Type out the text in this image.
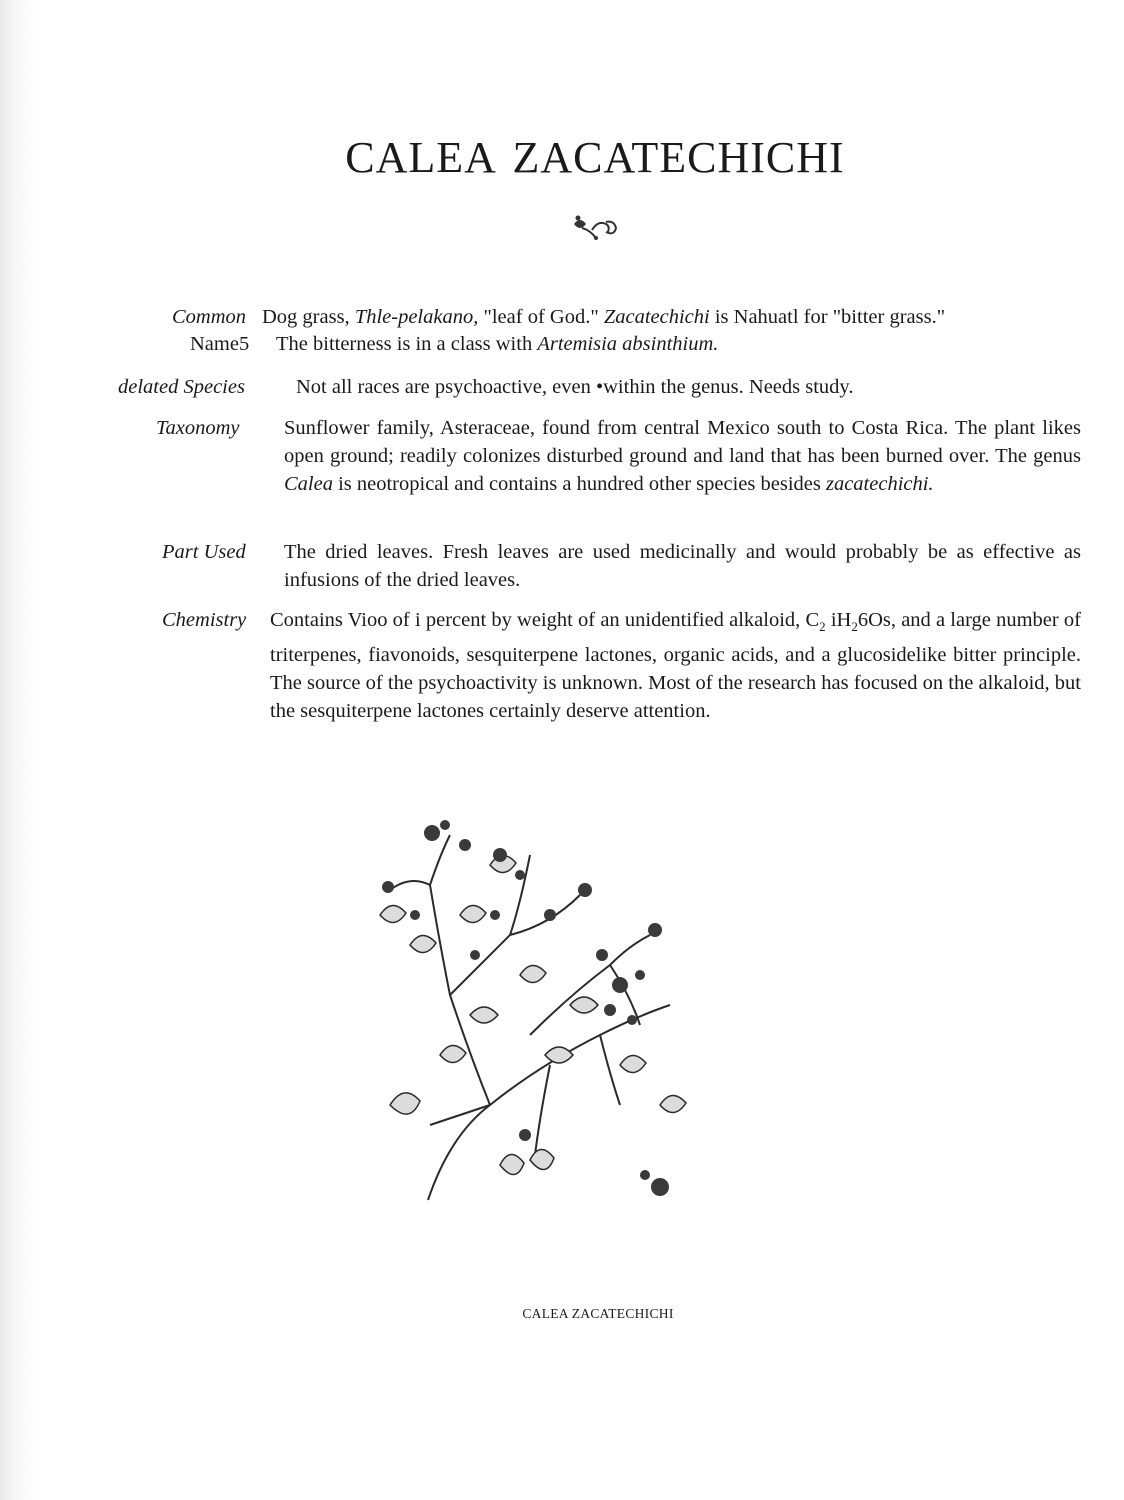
CALEA ZACATECHICHI
Common Dog grass, Thle-pelakano, "leaf of God." Zacatechichi is Nahuatl for "bitter grass."
Name5 The bitterness is in a class with Artemisia absinthium.
delated Species Not all races are psychoactive, even •within the genus. Needs study.
Taxonomy Sunflower family, Asteraceae, found from central Mexico south to Costa Rica. The plant likes open ground; readily colonizes disturbed ground and land that has been burned over. The genus Calea is neotropical and contains a hundred other species besides zacatechichi.
Part Used The dried leaves. Fresh leaves are used medicinally and would probably be as effective as infusions of the dried leaves.
Chemistry Contains Vioo of i percent by weight of an unidentified alkaloid, $C_2$ $iH_26Os$, and a large number of triterpenes, fiavonoids, sesquiterpene lactones, organic acids, and a glucosidelike bitter principle. The source of the psychoactivity is unknown. Most of the research has focused on the alkaloid, but the sesquiterpene lactones certainly deserve attention.
CALEA ZACATECHICHI
